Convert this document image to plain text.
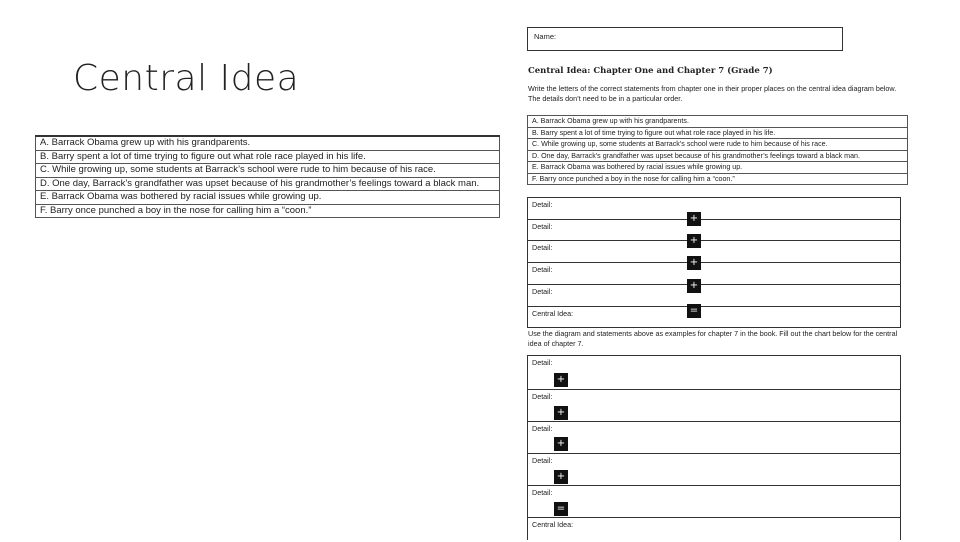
Central Idea
A. Barrack Obama grew up with his grandparents.
B. Barry spent a lot of time trying to figure out what role race played in his life.
C. While growing up, some students at Barrack’s school were rude to him because of his race.
D. One day, Barrack’s grandfather was upset because of his grandmother’s feelings toward a black man.
E. Barrack Obama was bothered by racial issues while growing up.
F. Barry once punched a boy in the nose for calling him a “coon.”
Name:
Central Idea: Chapter One and Chapter 7 (Grade 7)
Write the letters of the correct statements from chapter one in their proper places on the central idea diagram below. The details don’t need to be in a particular order.
A. Barrack Obama grew up with his grandparents.
B. Barry spent a lot of time trying to figure out what role race played in his life.
C. While growing up, some students at Barrack’s school were rude to him because of his race.
D. One day, Barrack’s grandfather was upset because of his grandmother’s feelings toward a black man.
E. Barrack Obama was bothered by racial issues while growing up.
F. Barry once punched a boy in the nose for calling him a “coon.”
Detail:
Detail:
Detail:
Detail:
Detail:
Central Idea:
+
+
+
+
=
Use the diagram and statements above as examples for chapter 7 in the book. Fill out the chart below for the central idea of chapter 7.
Detail:
Detail:
Detail:
Detail:
Detail:
Central Idea:
+
+
+
+
=
